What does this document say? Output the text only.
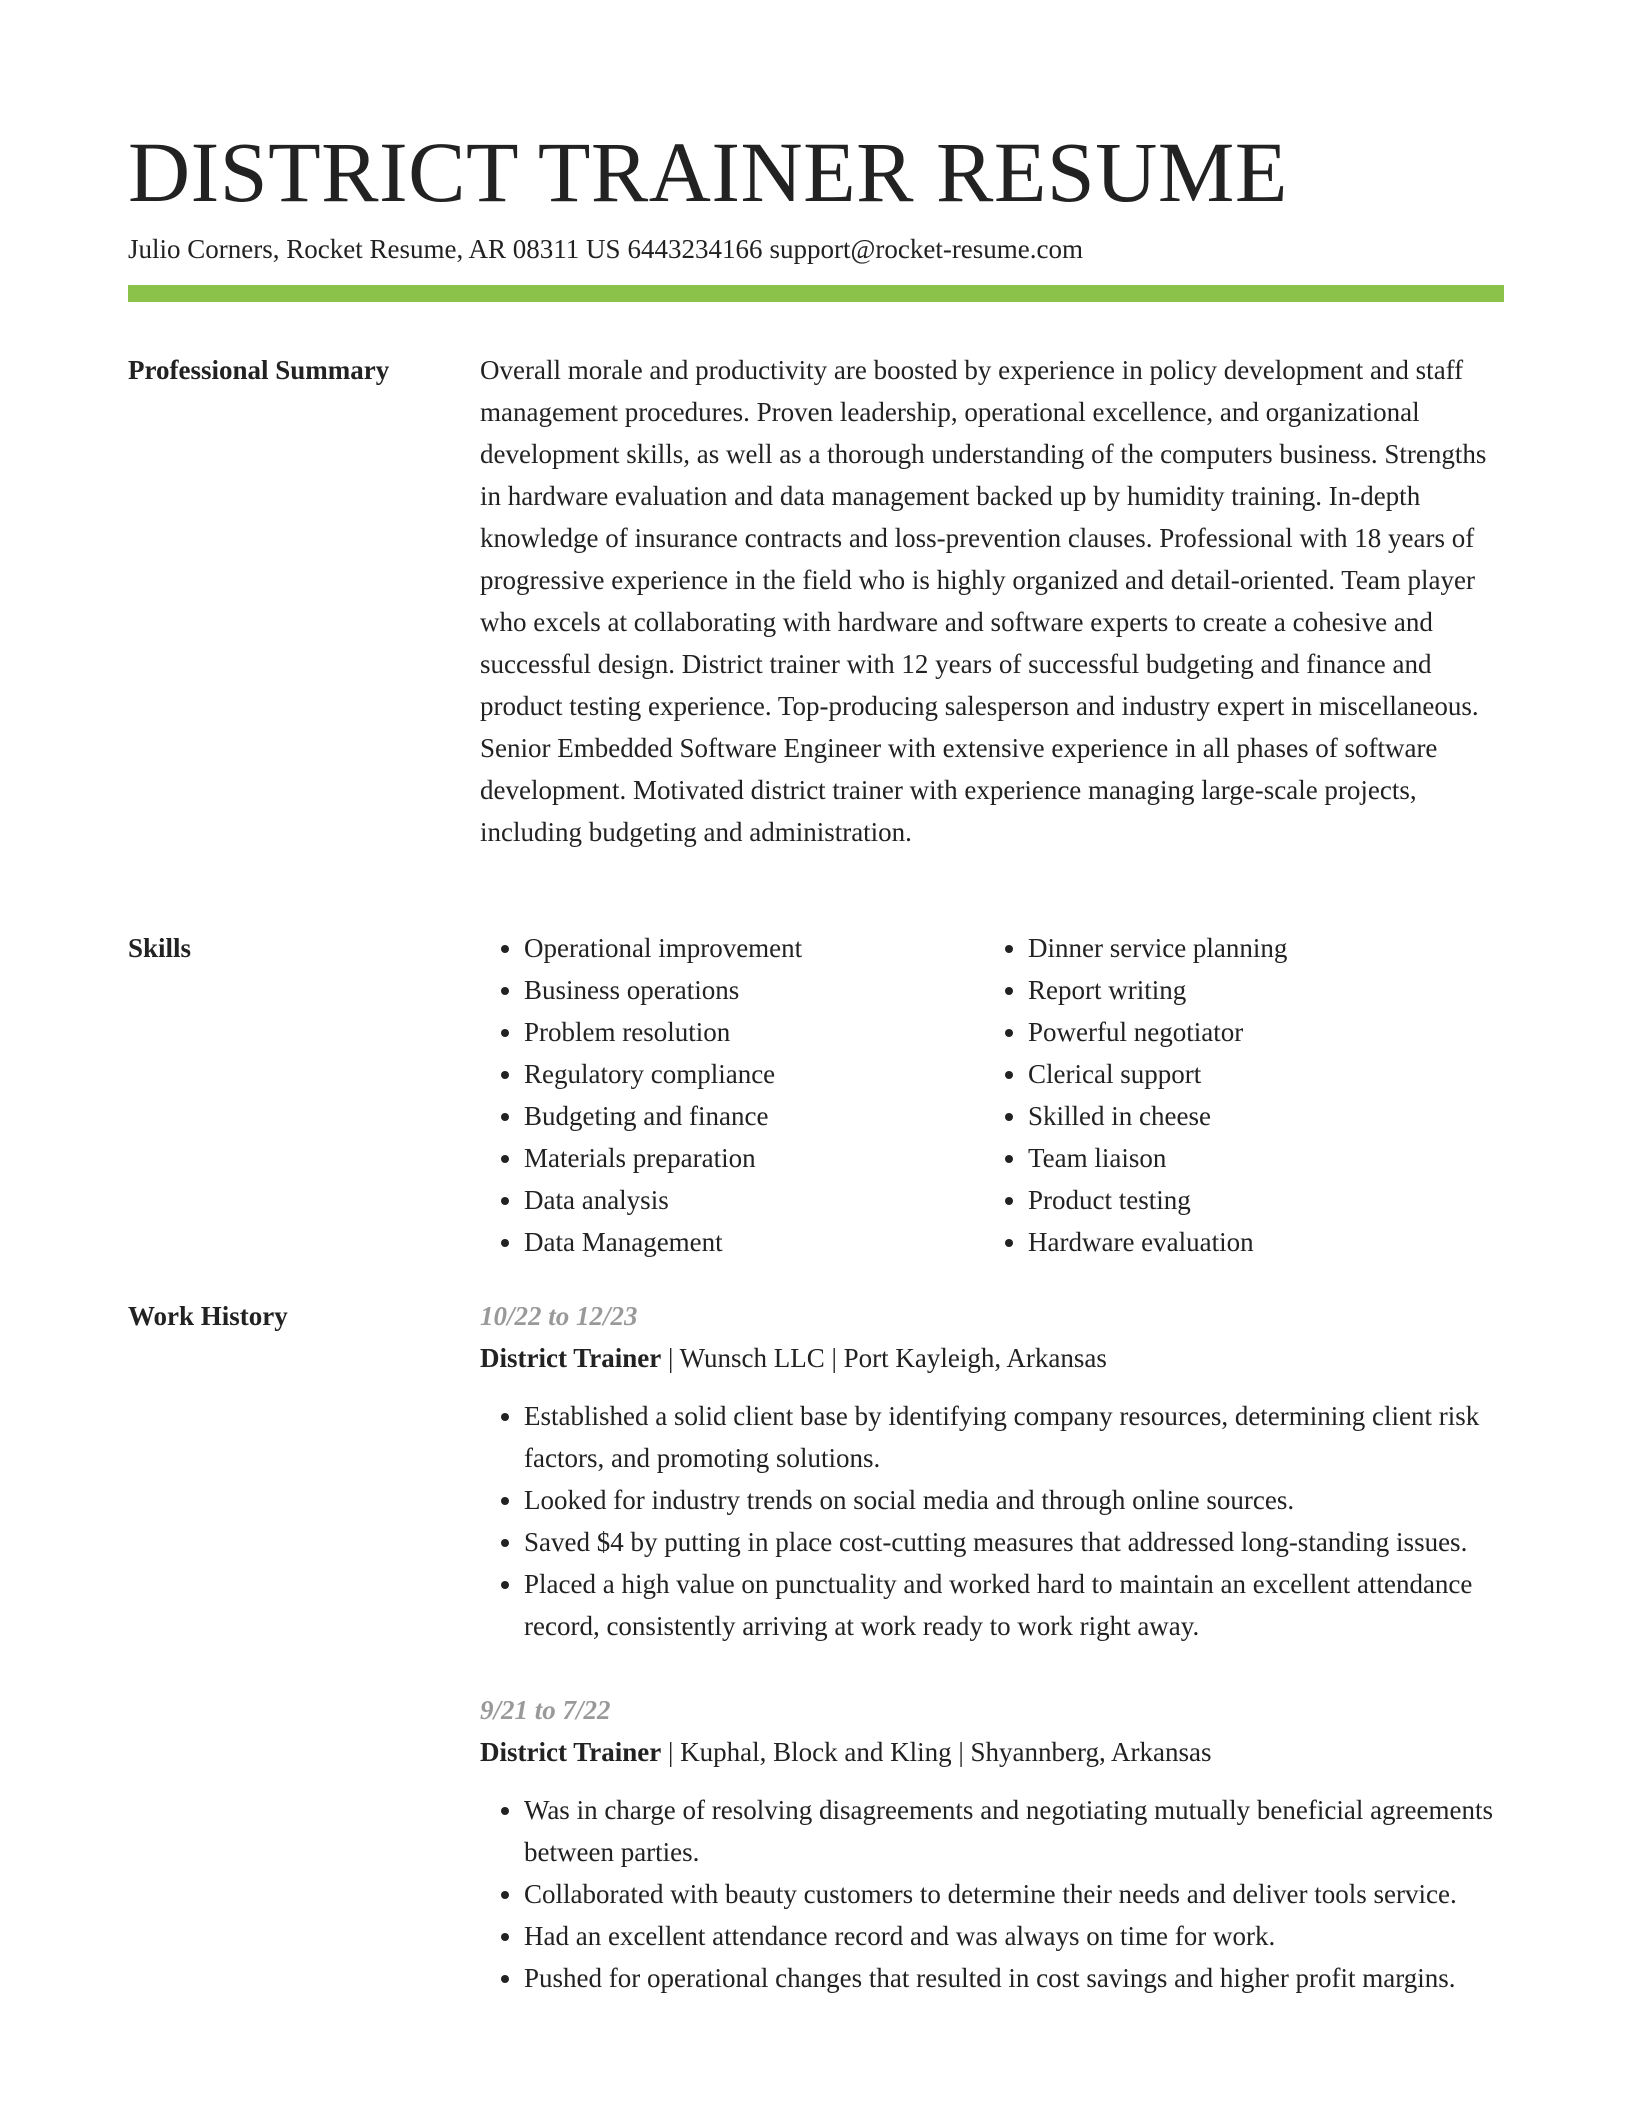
DISTRICT TRAINER RESUME
Julio Corners, Rocket Resume, AR 08311 US 6443234166 support@rocket-resume.com
Professional Summary	Overall morale and productivity are boosted by experience in policy development and staff management procedures. Proven leadership, operational excellence, and organizational development skills, as well as a thorough understanding of the computers business. Strengths in hardware evaluation and data management backed up by humidity training. In-depth knowledge of insurance contracts and loss-prevention clauses. Professional with 18 years of progressive experience in the field who is highly organized and detail-oriented. Team player who excels at collaborating with hardware and software experts to create a cohesive and successful design. District trainer with 12 years of successful budgeting and finance and product testing experience. Top-producing salesperson and industry expert in miscellaneous. Senior Embedded Software Engineer with extensive experience in all phases of software development. Motivated district trainer with experience managing large-scale projects, including budgeting and administration.

Skills
•	Operational improvement
• Business operations
• Problem resolution
• Regulatory compliance
• Budgeting and finance
• Materials preparation
• Data analysis
• Data Management
• Dinner service planning
• Report writing
• Powerful negotiator
• Clerical support
• Skilled in cheese
• Team liaison
• Product testing
• Hardware evaluation
Work History	10/22 to 12/23
District Trainer | Wunsch LLC | Port Kayleigh, Arkansas
• Established a solid client base by identifying company resources, determining client risk factors, and promoting solutions.
• Looked for industry trends on social media and through online sources.
• Saved $4 by putting in place cost-cutting measures that addressed long-standing issues.
• Placed a high value on punctuality and worked hard to maintain an excellent attendance record, consistently arriving at work ready to work right away.
9/21 to 7/22
District Trainer | Kuphal, Block and Kling | Shyannberg, Arkansas
• Was in charge of resolving disagreements and negotiating mutually beneficial agreements between parties.
• Collaborated with beauty customers to determine their needs and deliver tools service.
• Had an excellent attendance record and was always on time for work.
• Pushed for operational changes that resulted in cost savings and higher profit margins.
